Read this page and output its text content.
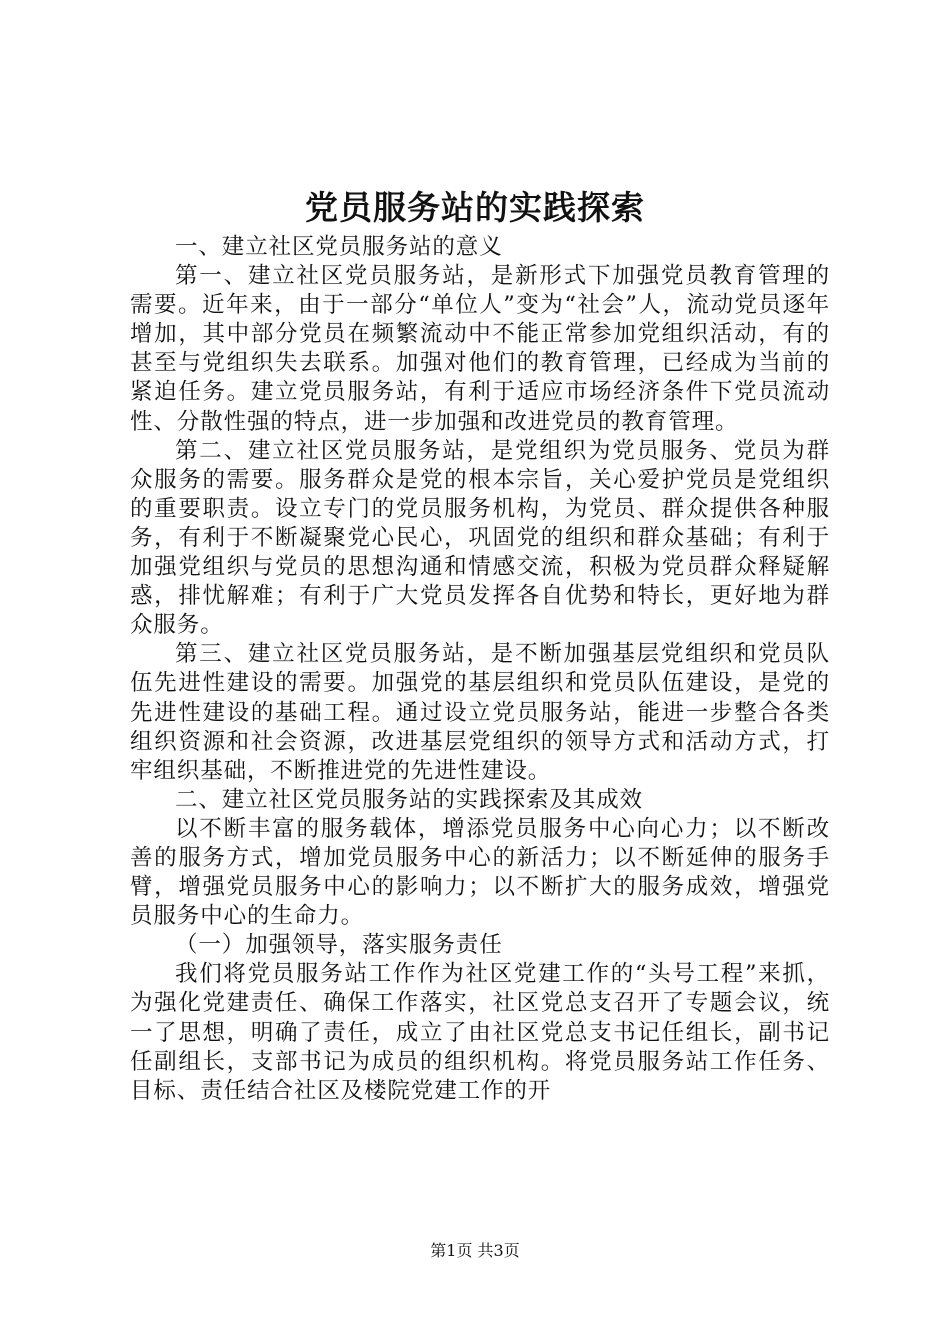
党员服务站的实践探索

一、建立社区党员服务站的意义

第一、建立社区党员服务站，是新形式下加强党员教育管理的需要。近年来，由于一部分“单位人”变为“社会”人，流动党员逐年增加，其中部分党员在频繁流动中不能正常参加党组织活动，有的甚至与党组织失去联系。加强对他们的教育管理，已经成为当前的紧迫任务。建立党员服务站，有利于适应市场经济条件下党员流动性、分散性强的特点，进一步加强和改进党员的教育管理。

第二、建立社区党员服务站，是党组织为党员服务、党员为群众服务的需要。服务群众是党的根本宗旨，关心爱护党员是党组织的重要职责。设立专门的党员服务机构，为党员、群众提供各种服务，有利于不断凝聚党心民心，巩固党的组织和群众基础；有利于加强党组织与党员的思想沟通和情感交流，积极为党员群众释疑解惑，排忧解难；有利于广大党员发挥各自优势和特长，更好地为群众服务。

第三、建立社区党员服务站，是不断加强基层党组织和党员队伍先进性建设的需要。加强党的基层组织和党员队伍建设，是党的先进性建设的基础工程。通过设立党员服务站，能进一步整合各类组织资源和社会资源，改进基层党组织的领导方式和活动方式，打牢组织基础，不断推进党的先进性建设。

二、建立社区党员服务站的实践探索及其成效

以不断丰富的服务载体，增添党员服务中心向心力；以不断改善的服务方式，增加党员服务中心的新活力；以不断延伸的服务手臂，增强党员服务中心的影响力；以不断扩大的服务成效，增强党员服务中心的生命力。

（一）加强领导，落实服务责任

我们将党员服务站工作作为社区党建工作的“头号工程”来抓，为强化党建责任、确保工作落实，社区党总支召开了专题会议，统一了思想，明确了责任，成立了由社区党总支书记任组长，副书记任副组长，支部书记为成员的组织机构。将党员服务站工作任务、目标、责任结合社区及楼院党建工作的开

第1页 共3页
